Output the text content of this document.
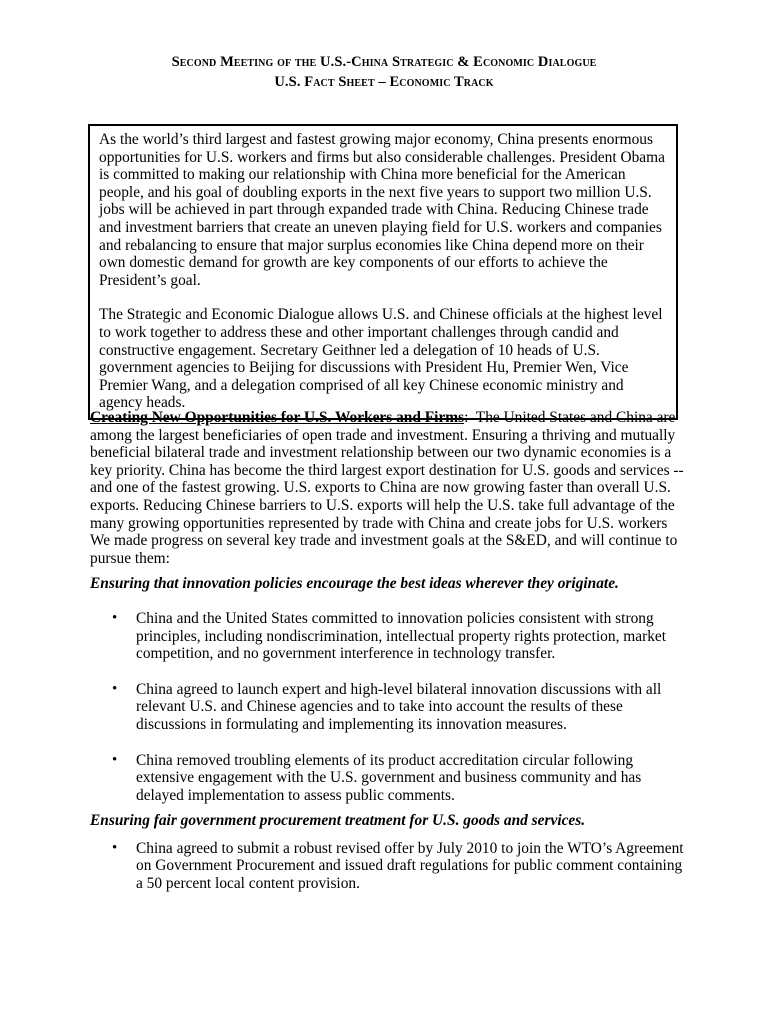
Second Meeting of the U.S.-China Strategic & Economic Dialogue
U.S. Fact Sheet – Economic Track

As the world’s third largest and fastest growing major economy, China presents enormous opportunities for U.S. workers and firms but also considerable challenges. President Obama is committed to making our relationship with China more beneficial for the American people, and his goal of doubling exports in the next five years to support two million U.S. jobs will be achieved in part through expanded trade with China. Reducing Chinese trade and investment barriers that create an uneven playing field for U.S. workers and companies and rebalancing to ensure that major surplus economies like China depend more on their own domestic demand for growth are key components of our efforts to achieve the President’s goal.

The Strategic and Economic Dialogue allows U.S. and Chinese officials at the highest level to work together to address these and other important challenges through candid and constructive engagement. Secretary Geithner led a delegation of 10 heads of U.S. government agencies to Beijing for discussions with President Hu, Premier Wen, Vice Premier Wang, and a delegation comprised of all key Chinese economic ministry and agency heads.

Creating New Opportunities for U.S. Workers and Firms:  The United States and China are among the largest beneficiaries of open trade and investment. Ensuring a thriving and mutually beneficial bilateral trade and investment relationship between our two dynamic economies is a key priority. China has become the third largest export destination for U.S. goods and services -- and one of the fastest growing. U.S. exports to China are now growing faster than overall U.S. exports. Reducing Chinese barriers to U.S. exports will help the U.S. take full advantage of the many growing opportunities represented by trade with China and create jobs for U.S. workers We made progress on several key trade and investment goals at the S&ED, and will continue to pursue them:

Ensuring that innovation policies encourage the best ideas wherever they originate.

• China and the United States committed to innovation policies consistent with strong principles, including nondiscrimination, intellectual property rights protection, market competition, and no government interference in technology transfer.
• China agreed to launch expert and high-level bilateral innovation discussions with all relevant U.S. and Chinese agencies and to take into account the results of these discussions in formulating and implementing its innovation measures.
• China removed troubling elements of its product accreditation circular following extensive engagement with the U.S. government and business community and has delayed implementation to assess public comments.

Ensuring fair government procurement treatment for U.S. goods and services.

• China agreed to submit a robust revised offer by July 2010 to join the WTO’s Agreement on Government Procurement and issued draft regulations for public comment containing a 50 percent local content provision.
